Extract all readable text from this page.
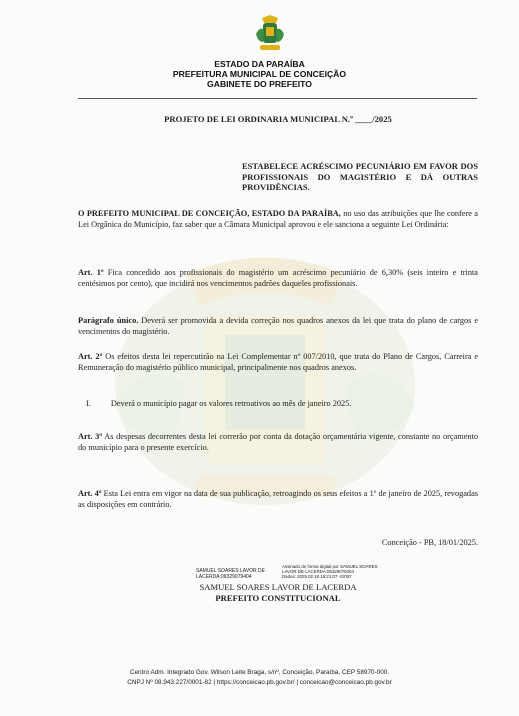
ESTADO DA PARAÍBA
PREFEITURA MUNICIPAL DE CONCEIÇÃO
GABINETE DO PREFEITO
PROJETO DE LEI ORDINARIA MUNICIPAL N.º ____/2025
ESTABELECE ACRÉSCIMO PECUNIÁRIO EM FAVOR DOS PROFISSIONAIS DO MAGISTÉRIO E DÁ OUTRAS PROVIDÊNCIAS.
O PREFEITO MUNICIPAL DE CONCEIÇÃO, ESTADO DA PARAÍBA, no uso das atribuições que lhe confere a Lei Orgânica do Município, faz saber que a Câmara Municipal aprovou e ele sanciona a seguinte Lei Ordinária:
Art. 1º Fica concedido aos profissionais do magistério um acréscimo pecuniário de 6,30% (seis inteiro e trinta centésimos por cento), que incidirá nos vencimentos padrões daqueles profissionais.
Parágrafo único. Deverá ser promovida a devida correção nos quadros anexos da lei que trata do plano de cargos e vencimentos do magistério.
Art. 2º Os efeitos desta lei repercutirão na Lei Complementar nº 007/2010, que trata do Plano de Cargos, Carreira e Remuneração do magistério público municipal, principalmente nos quadros anexos.
I. Deverá o município pagar os valores retroativos ao mês de janeiro 2025.
Art. 3º As despesas decorrentes desta lei correrão por conta da dotação orçamentária vigente, constante no orçamento do município para o presente exercício.
Art. 4º Esta Lei entra em vigor na data de sua publicação, retroagindo os seus efeitos a 1º de janeiro de 2025, revogadas as disposições em contrário.
Conceição - PB, 18/01/2025.
SAMUEL SOARES LAVOR DE
LACERDA:06329079404
Assinado de forma digital por SAMUEL SOARES
LAVOR DE LACERDA:06329079404
Dados: 2025.02.18 16:21:07 -03'00'
SAMUEL SOARES LAVOR DE LACERDA
PREFEITO CONSTITUCIONAL
Centro Adm. Integrado Gov. Wilson Leite Braga, s/nº, Conceição, Paraíba, CEP 58970-000.
CNPJ Nº 08.943.227/0001-82 | https://conceicao.pb.gov.br/ | conceicao@conceicao.pb.gov.br
